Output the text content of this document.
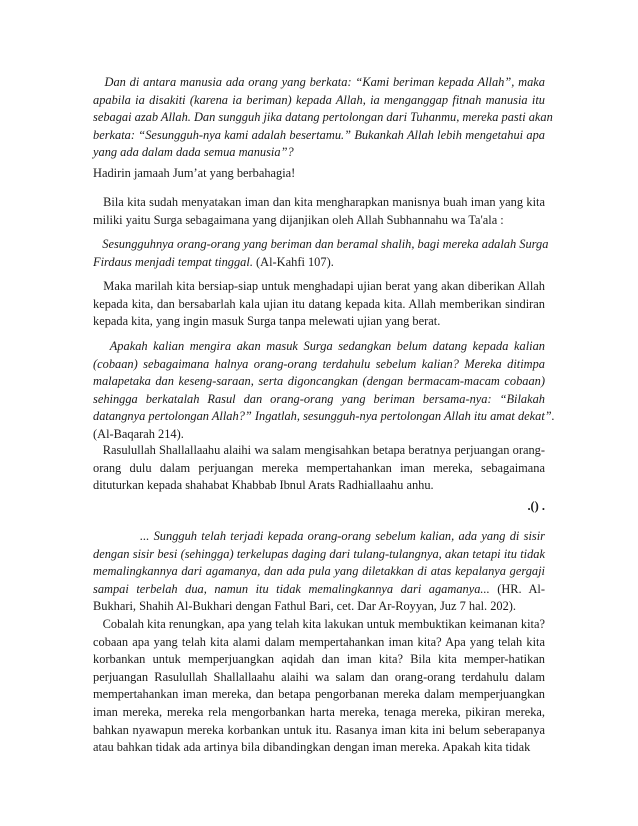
Dan di antara manusia ada orang yang berkata: “Kami beriman kepada Allah”, maka
apabila ia disakiti (karena ia beriman) kepada Allah, ia menganggap fitnah manusia itu
sebagai azab Allah. Dan sungguh jika datang pertolongan dari Tuhanmu, mereka pasti akan
berkata: “Sesungguh-nya kami adalah besertamu.” Bukankah Allah lebih mengetahui apa
yang ada dalam dada semua manusia”?
Hadirin jamaah Jum’at yang berbahagia!
Bila kita sudah menyatakan iman dan kita mengharapkan manisnya buah iman yang kita
miliki yaitu Surga sebagaimana yang dijanjikan oleh Allah Subhannahu wa Ta'ala :
Sesungguhnya orang-orang yang beriman dan beramal shalih, bagi mereka adalah Surga
Firdaus menjadi tempat tinggal. (Al-Kahfi 107).
Maka marilah kita bersiap-siap untuk menghadapi ujian berat yang akan diberikan Allah
kepada kita, dan bersabarlah kala ujian itu datang kepada kita. Allah memberikan sindiran
kepada kita, yang ingin masuk Surga tanpa melewati ujian yang berat.
Apakah kalian mengira akan masuk Surga sedangkan belum datang kepada kalian
(cobaan) sebagaimana halnya orang-orang terdahulu sebelum kalian? Mereka ditimpa
malapetaka dan keseng-saraan, serta digoncangkan (dengan bermacam-macam cobaan)
sehingga berkatalah Rasul dan orang-orang yang beriman bersama-nya: “Bilakah
datangnya pertolongan Allah?” Ingatlah, sesungguh-nya pertolongan Allah itu amat dekat”.
(Al-Baqarah 214).
Rasulullah Shallallaahu alaihi wa salam mengisahkan betapa beratnya perjuangan orang-
orang dulu dalam perjuangan mereka mempertahankan iman mereka, sebagaimana
dituturkan kepada shahabat Khabbab Ibnul Arats Radhiallaahu anhu.
... Sungguh telah terjadi kepada orang-orang sebelum kalian, ada yang di sisir
dengan sisir besi (sehingga) terkelupas daging dari tulang-tulangnya, akan tetapi itu tidak
memalingkannya dari agamanya, dan ada pula yang diletakkan di atas kepalanya gergaji
sampai terbelah dua, namun itu tidak memalingkannya dari agamanya... (HR. Al-
Bukhari, Shahih Al-Bukhari dengan Fathul Bari, cet. Dar Ar-Royyan, Juz 7 hal. 202).
Cobalah kita renungkan, apa yang telah kita lakukan untuk membuktikan keimanan kita?
cobaan apa yang telah kita alami dalam mempertahankan iman kita? Apa yang telah kita
korbankan untuk memperjuangkan aqidah dan iman kita? Bila kita memper-hatikan
perjuangan Rasulullah Shallallaahu alaihi wa salam dan orang-orang terdahulu dalam
mempertahankan iman mereka, dan betapa pengorbanan mereka dalam memperjuangkan
iman mereka, mereka rela mengorbankan harta mereka, tenaga mereka, pikiran mereka,
bahkan nyawapun mereka korbankan untuk itu. Rasanya iman kita ini belum seberapanya
atau bahkan tidak ada artinya bila dibandingkan dengan iman mereka. Apakah kita tidak
.() .
